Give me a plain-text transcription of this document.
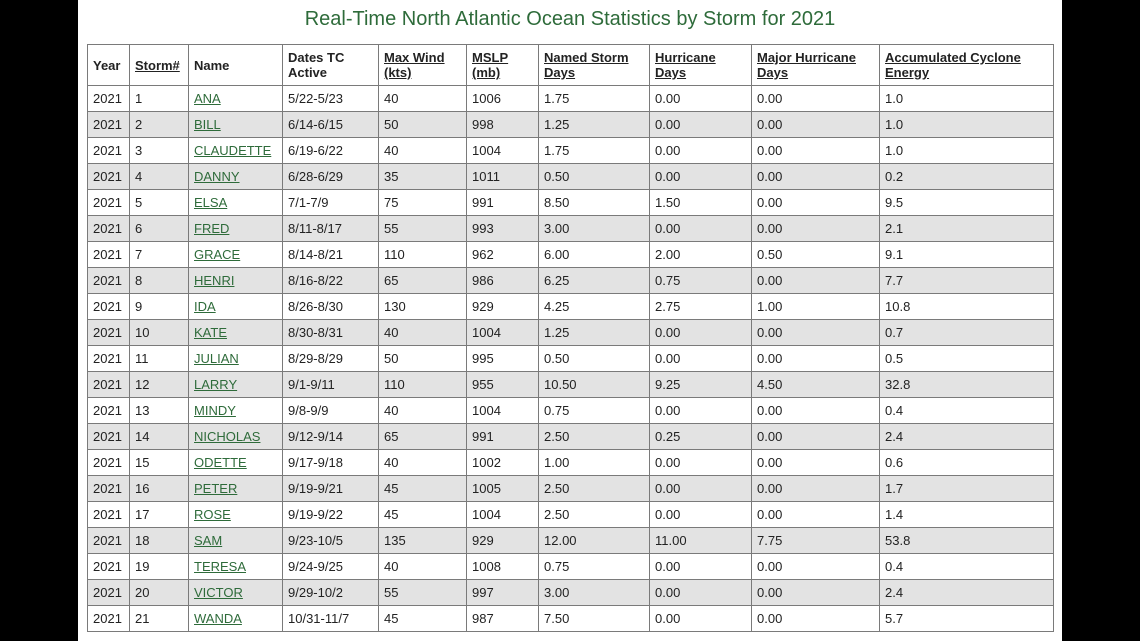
Real-Time North Atlantic Ocean Statistics by Storm for 2021
Year	Storm#	Name	Dates TC Active	Max Wind (kts)	MSLP (mb)	Named Storm Days	Hurricane Days	Major Hurricane Days	Accumulated Cyclone Energy
2021	1	ANA	5/22-5/23	40	1006	1.75	0.00	0.00	1.0
2021	2	BILL	6/14-6/15	50	998	1.25	0.00	0.00	1.0
2021	3	CLAUDETTE	6/19-6/22	40	1004	1.75	0.00	0.00	1.0
2021	4	DANNY	6/28-6/29	35	1011	0.50	0.00	0.00	0.2
2021	5	ELSA	7/1-7/9	75	991	8.50	1.50	0.00	9.5
2021	6	FRED	8/11-8/17	55	993	3.00	0.00	0.00	2.1
2021	7	GRACE	8/14-8/21	110	962	6.00	2.00	0.50	9.1
2021	8	HENRI	8/16-8/22	65	986	6.25	0.75	0.00	7.7
2021	9	IDA	8/26-8/30	130	929	4.25	2.75	1.00	10.8
2021	10	KATE	8/30-8/31	40	1004	1.25	0.00	0.00	0.7
2021	11	JULIAN	8/29-8/29	50	995	0.50	0.00	0.00	0.5
2021	12	LARRY	9/1-9/11	110	955	10.50	9.25	4.50	32.8
2021	13	MINDY	9/8-9/9	40	1004	0.75	0.00	0.00	0.4
2021	14	NICHOLAS	9/12-9/14	65	991	2.50	0.25	0.00	2.4
2021	15	ODETTE	9/17-9/18	40	1002	1.00	0.00	0.00	0.6
2021	16	PETER	9/19-9/21	45	1005	2.50	0.00	0.00	1.7
2021	17	ROSE	9/19-9/22	45	1004	2.50	0.00	0.00	1.4
2021	18	SAM	9/23-10/5	135	929	12.00	11.00	7.75	53.8
2021	19	TERESA	9/24-9/25	40	1008	0.75	0.00	0.00	0.4
2021	20	VICTOR	9/29-10/2	55	997	3.00	0.00	0.00	2.4
2021	21	WANDA	10/31-11/7	45	987	7.50	0.00	0.00	5.7
